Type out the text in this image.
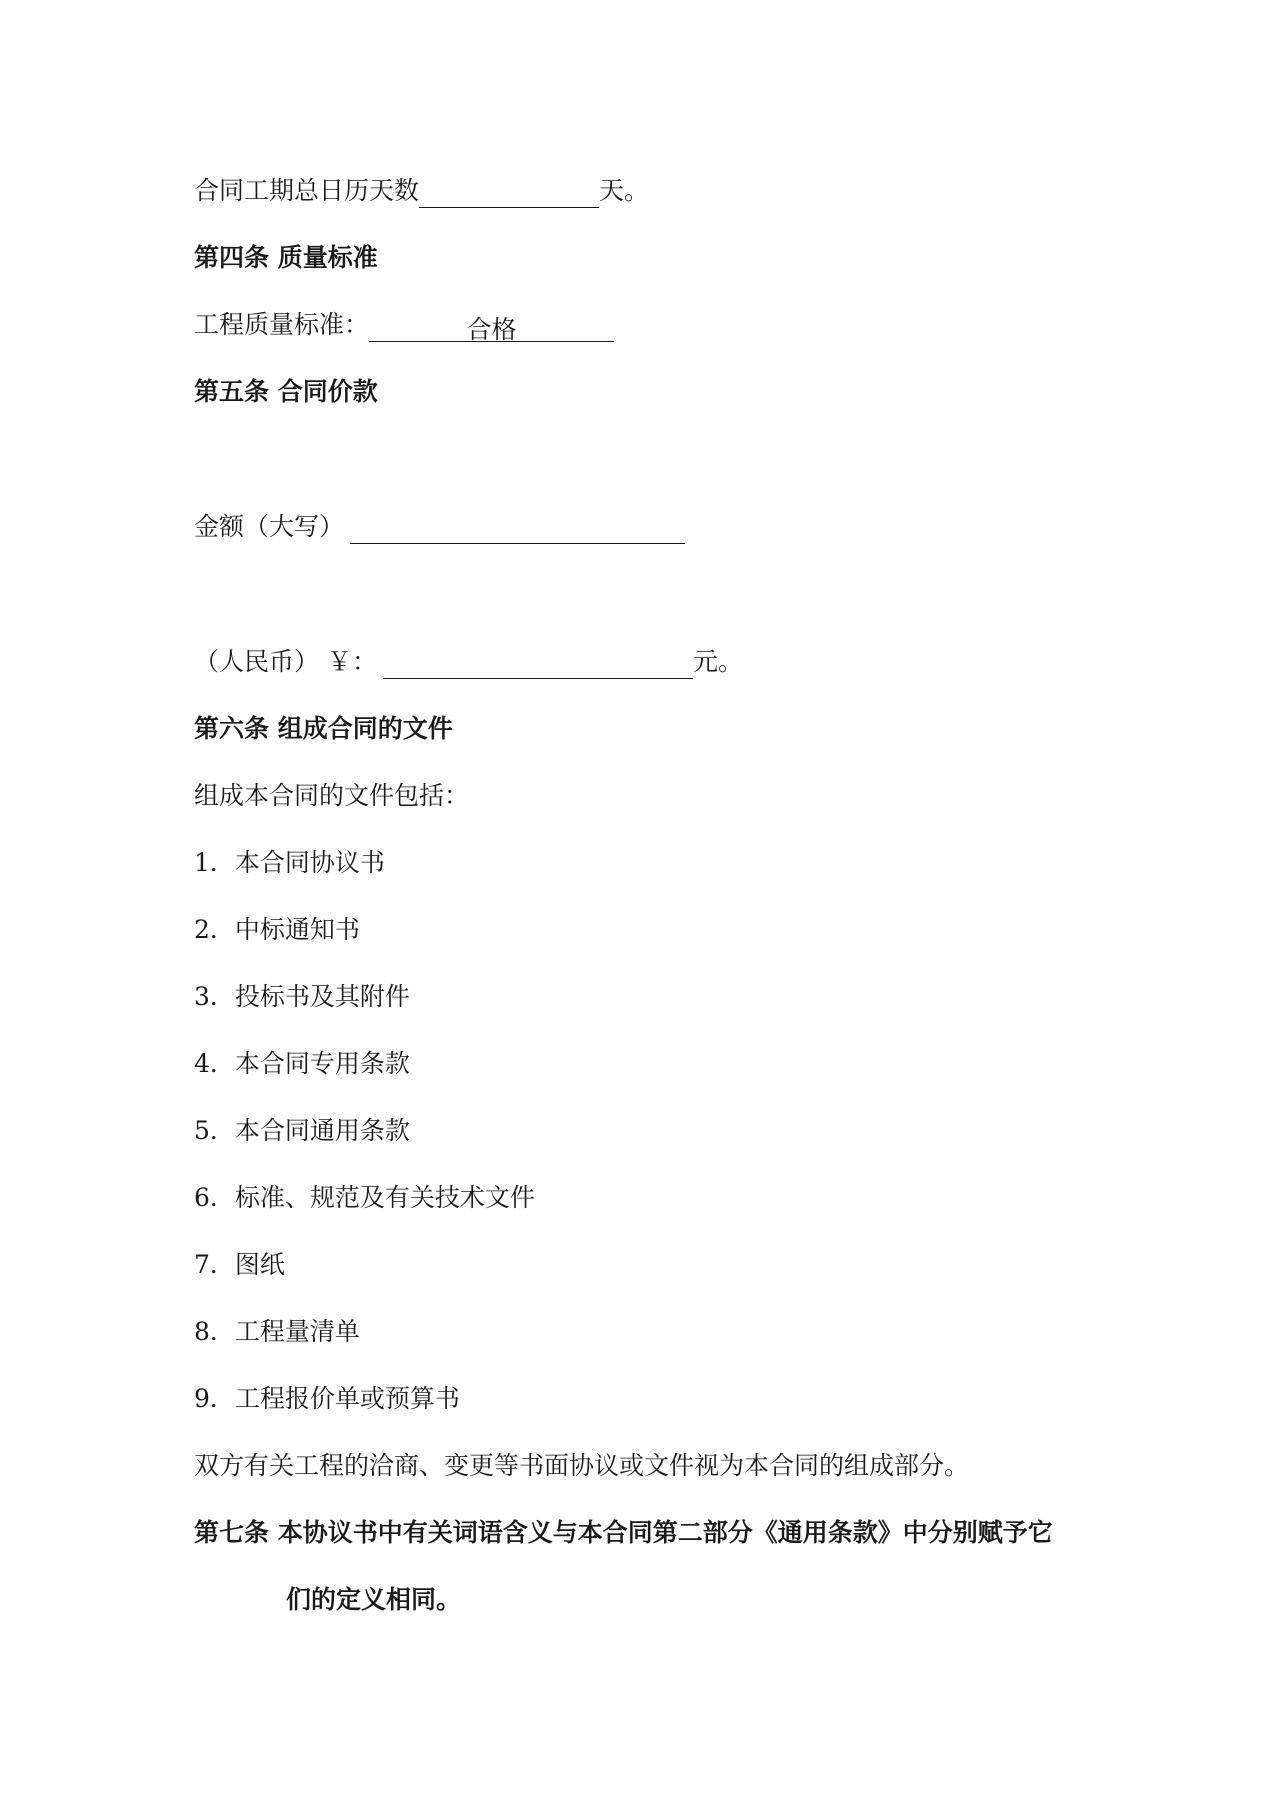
合同工期总日历天数	天。
第四条 质量标准
工程质量标准：	合格
第五条 合同价款
金额（大写）
（人民币） ￥：	元。
第六条 组成合同的文件
组成本合同的文件包括：
1．本合同协议书
2．中标通知书
3．投标书及其附件
4．本合同专用条款
5．本合同通用条款
6．标准、规范及有关技术文件
7．图纸
8．工程量清单
9．工程报价单或预算书
双方有关工程的洽商、变更等书面协议或文件视为本合同的组成部分。
第七条 本协议书中有关词语含义与本合同第二部分《通用条款》中分别赋予它
们的定义相同。
